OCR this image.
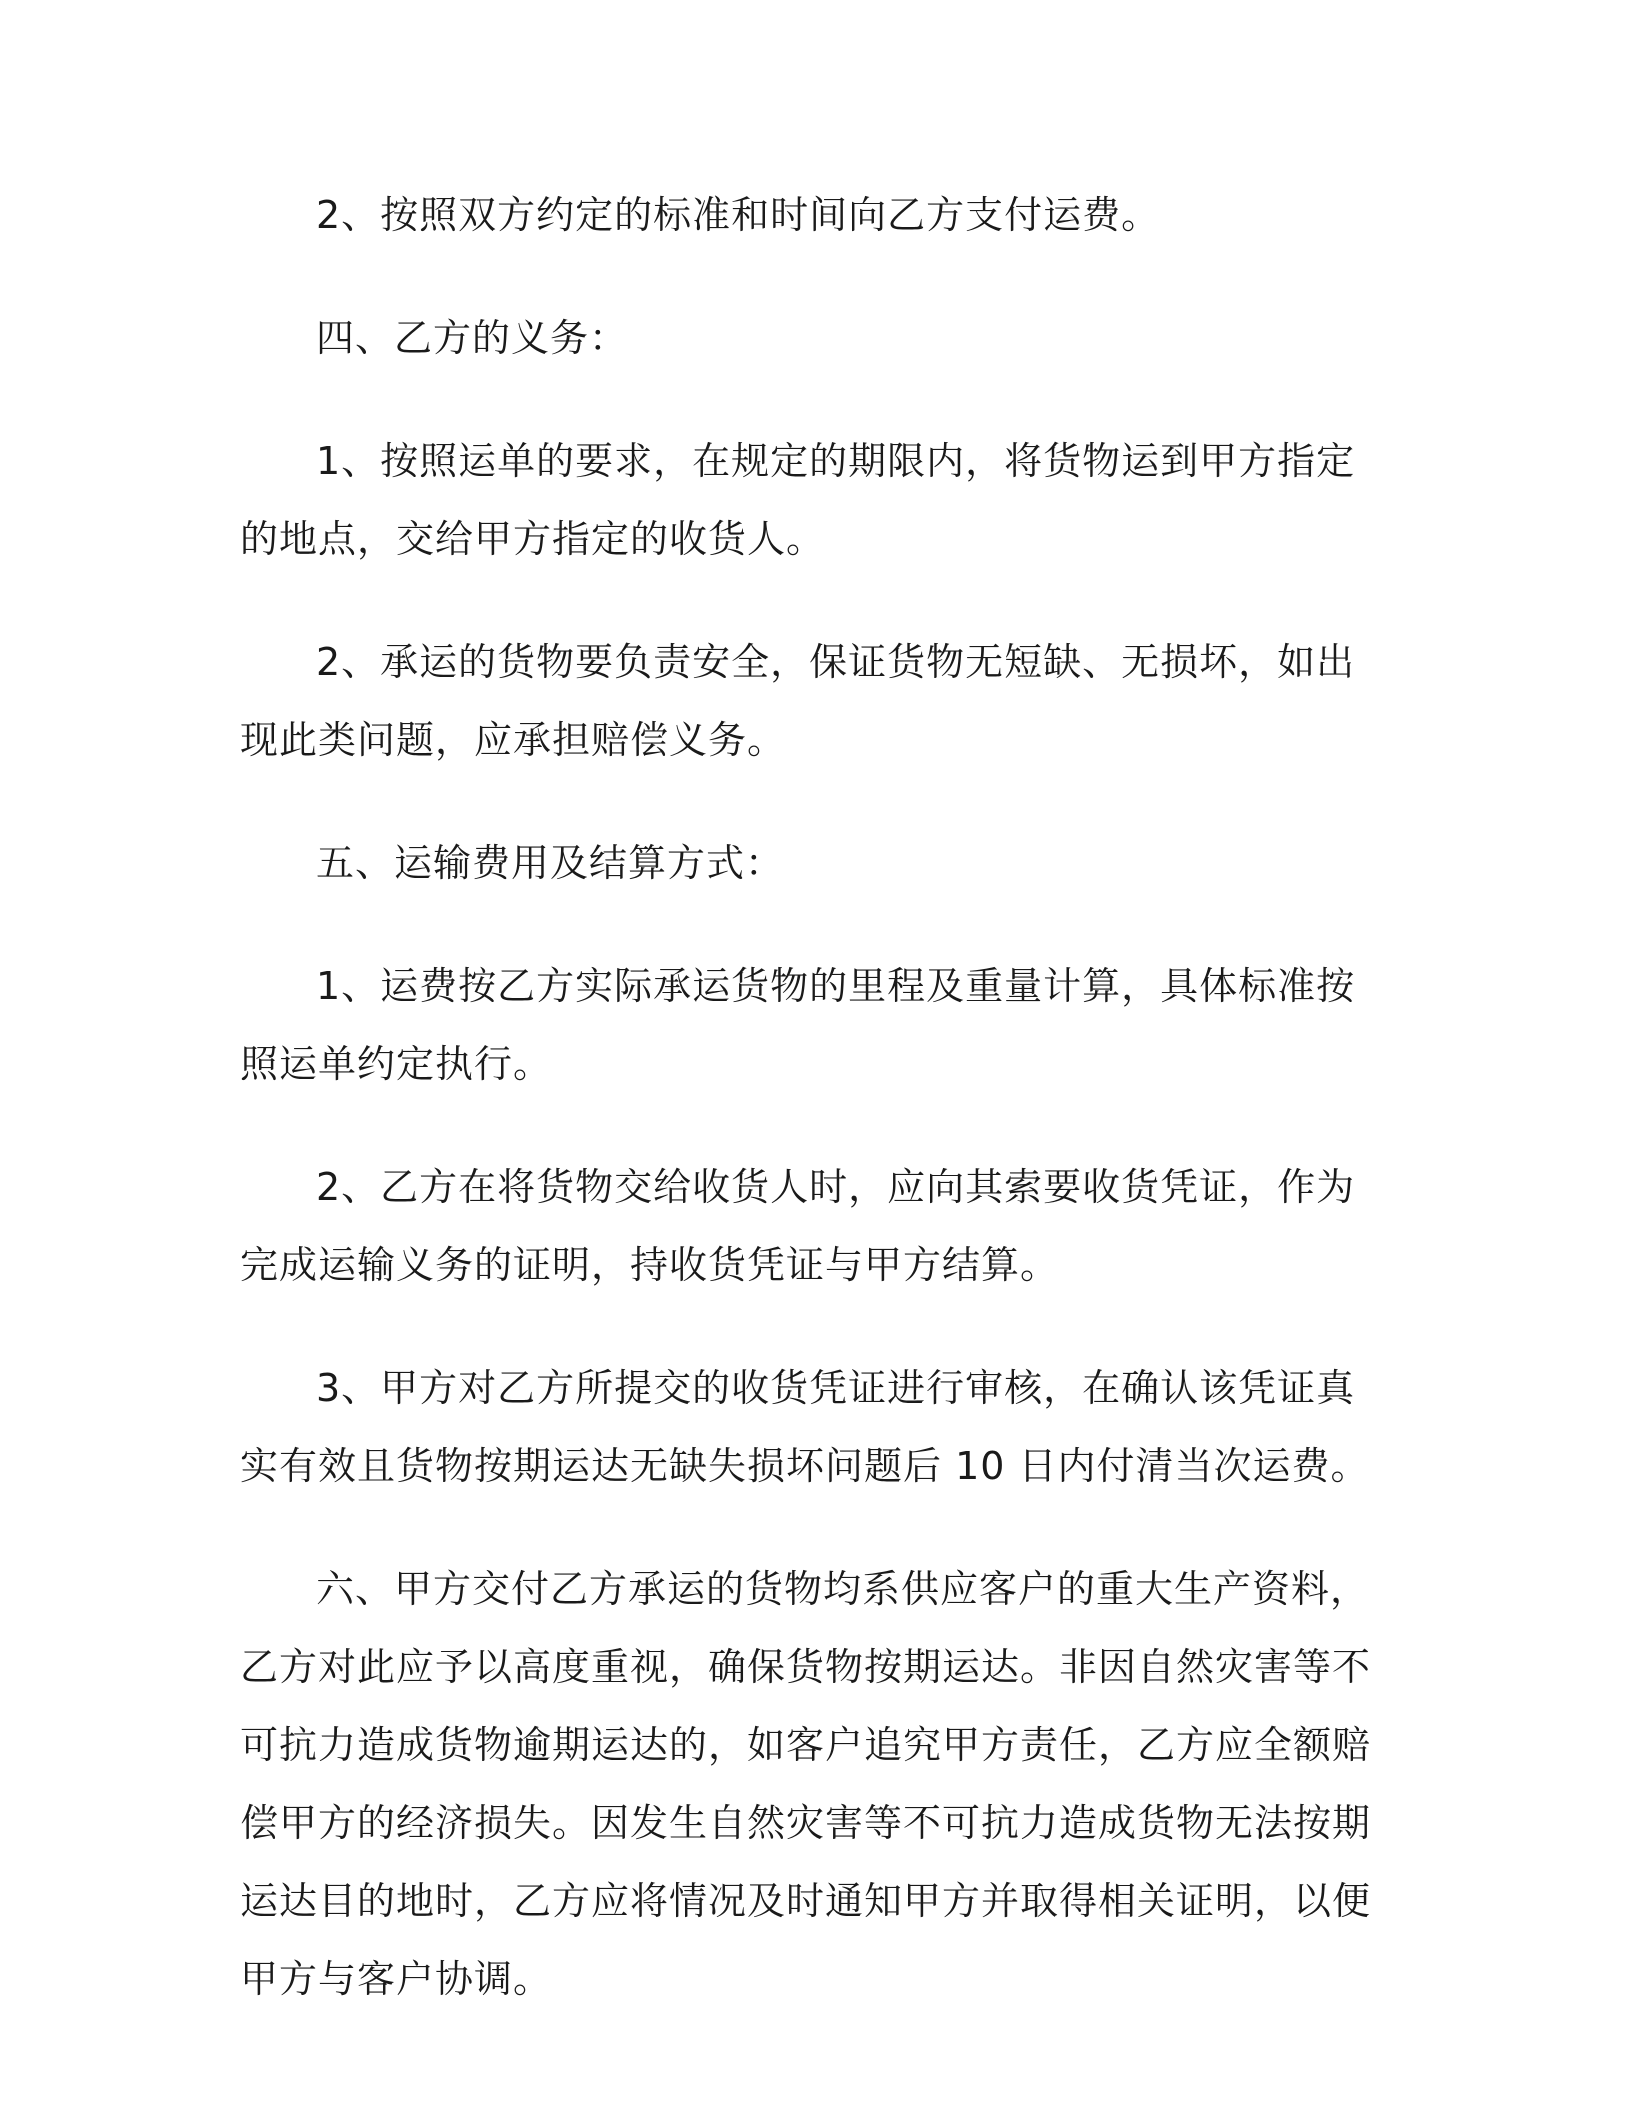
2、按照双方约定的标准和时间向乙方支付运费。

四、乙方的义务：

1、按照运单的要求，在规定的期限内，将货物运到甲方指定的地点，交给甲方指定的收货人。

2、承运的货物要负责安全，保证货物无短缺、无损坏，如出现此类问题，应承担赔偿义务。

五、运输费用及结算方式：

1、运费按乙方实际承运货物的里程及重量计算，具体标准按照运单约定执行。

2、乙方在将货物交给收货人时，应向其索要收货凭证，作为完成运输义务的证明，持收货凭证与甲方结算。

3、甲方对乙方所提交的收货凭证进行审核，在确认该凭证真实有效且货物按期运达无缺失损坏问题后 10 日内付清当次运费。

六、甲方交付乙方承运的货物均系供应客户的重大生产资料，乙方对此应予以高度重视，确保货物按期运达。非因自然灾害等不可抗力造成货物逾期运达的，如客户追究甲方责任，乙方应全额赔偿甲方的经济损失。因发生自然灾害等不可抗力造成货物无法按期运达目的地时，乙方应将情况及时通知甲方并取得相关证明，以便甲方与客户协调。
